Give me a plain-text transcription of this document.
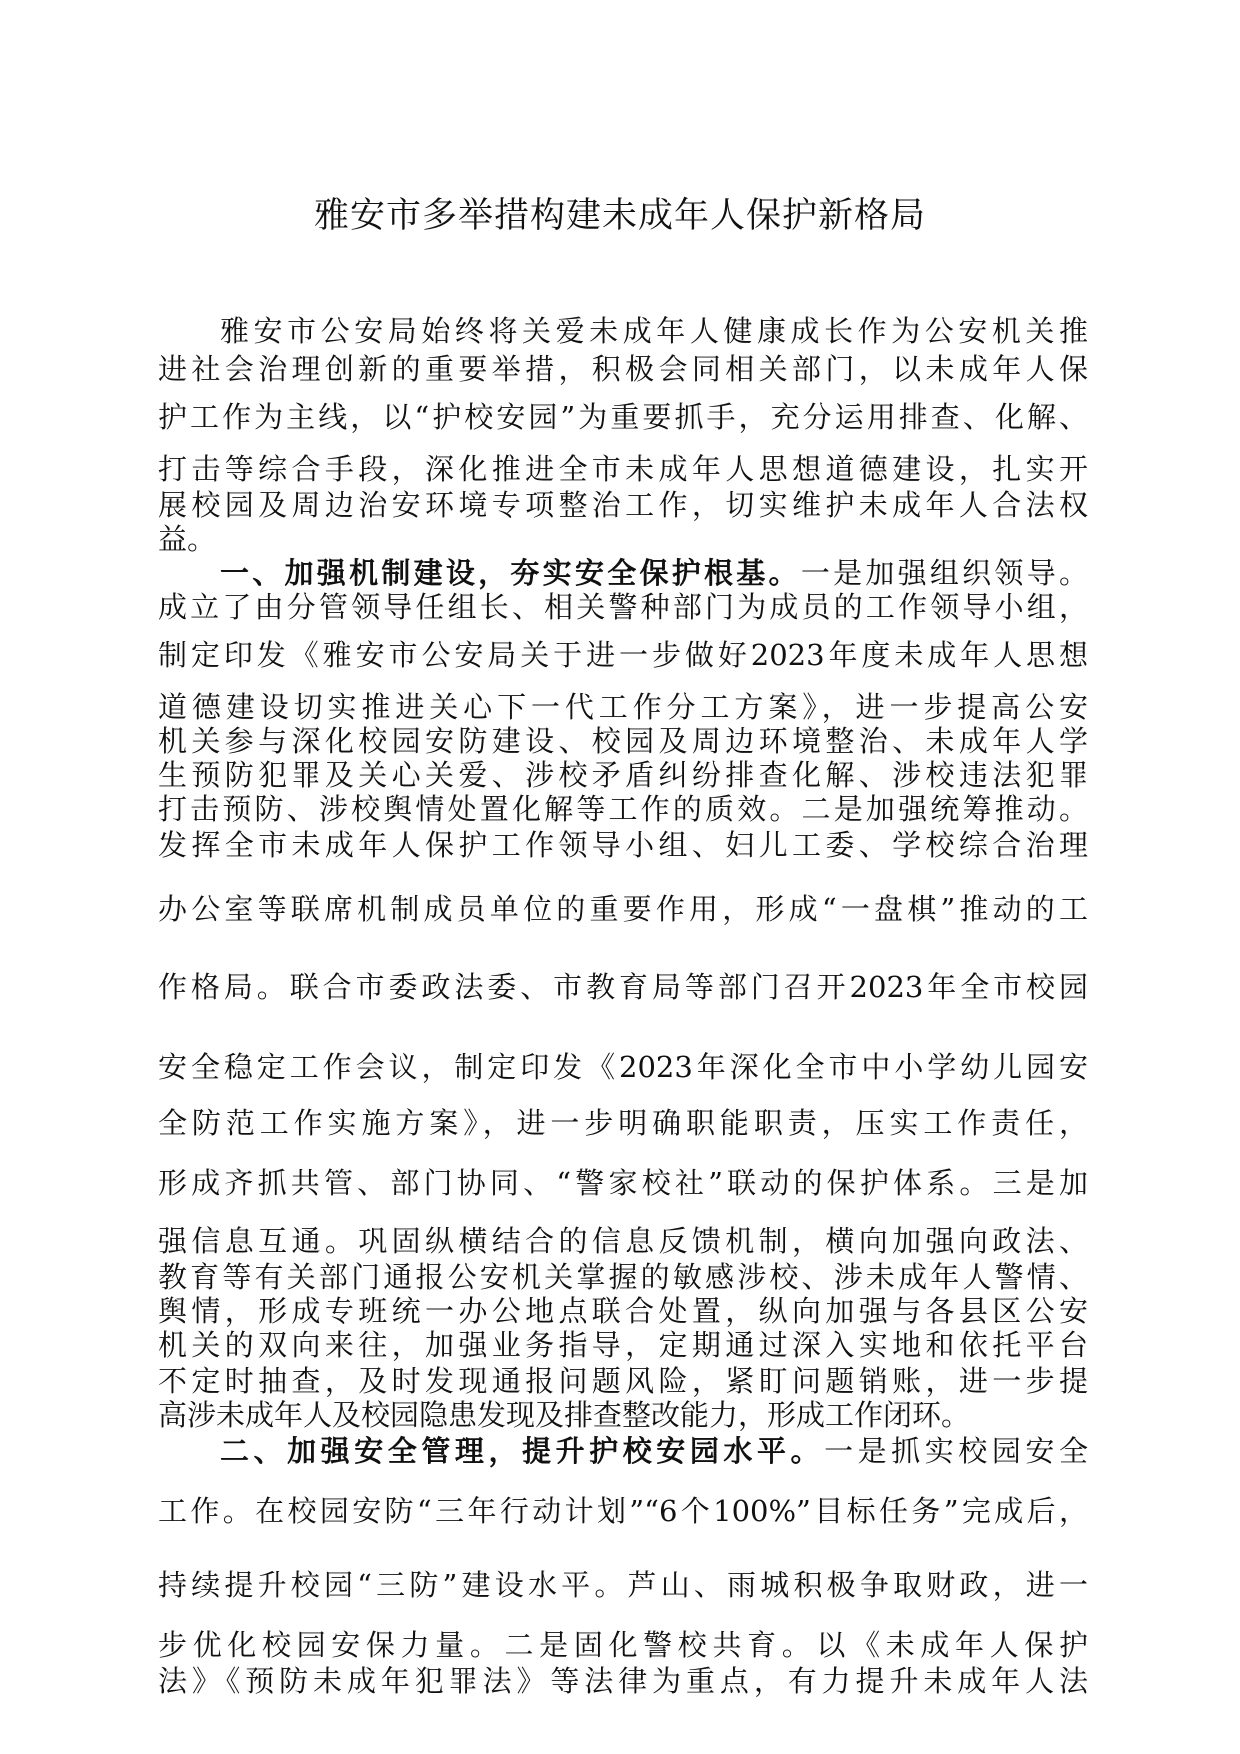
雅安市多举措构建未成年人保护新格局
雅安市公安局始终将关爱未成年人健康成长作为公安机关推
进社会治理创新的重要举措，积极会同相关部门，以未成年人保
护工作为主线，以“护校安园”为重要抓手，充分运用排查、化解、
打击等综合手段，深化推进全市未成年人思想道德建设，扎实开
展校园及周边治安环境专项整治工作，切实维护未成年人合法权
益。
一、加强机制建设，夯实安全保护根基。一是加强组织领导。
成立了由分管领导任组长、相关警种部门为成员的工作领导小组，
制定印发《雅安市公安局关于进一步做好2023年度未成年人思想
道德建设切实推进关心下一代工作分工方案》，进一步提高公安
机关参与深化校园安防建设、校园及周边环境整治、未成年人学
生预防犯罪及关心关爱、涉校矛盾纠纷排查化解、涉校违法犯罪
打击预防、涉校舆情处置化解等工作的质效。二是加强统筹推动。
发挥全市未成年人保护工作领导小组、妇儿工委、学校综合治理
办公室等联席机制成员单位的重要作用，形成“一盘棋”推动的工
作格局。联合市委政法委、市教育局等部门召开2023年全市校园
安全稳定工作会议，制定印发《2023年深化全市中小学幼儿园安
全防范工作实施方案》，进一步明确职能职责，压实工作责任，
形成齐抓共管、部门协同、“警家校社”联动的保护体系。三是加
强信息互通。巩固纵横结合的信息反馈机制，横向加强向政法、
教育等有关部门通报公安机关掌握的敏感涉校、涉未成年人警情、
舆情，形成专班统一办公地点联合处置，纵向加强与各县区公安
机关的双向来往，加强业务指导，定期通过深入实地和依托平台
不定时抽查，及时发现通报问题风险，紧盯问题销账，进一步提
高涉未成年人及校园隐患发现及排查整改能力，形成工作闭环。
二、加强安全管理，提升护校安园水平。一是抓实校园安全
工作。在校园安防“三年行动计划”“6个100%”目标任务”完成后，
持续提升校园“三防”建设水平。芦山、雨城积极争取财政，进一
步优化校园安保力量。二是固化警校共育。以《未成年人保护
法》《预防未成年犯罪法》等法律为重点，有力提升未成年人法
